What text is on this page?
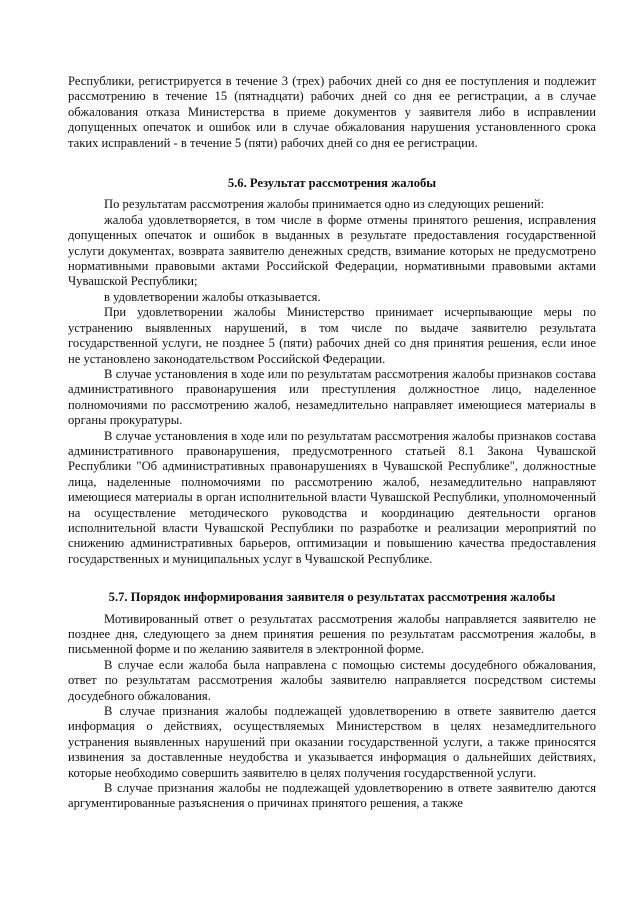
Республики, регистрируется в течение 3 (трех) рабочих дней со дня ее поступления и подлежит рассмотрению в течение 15 (пятнадцати) рабочих дней со дня ее регистрации, а в случае обжалования отказа Министерства в приеме документов у заявителя либо в исправлении допущенных опечаток и ошибок или в случае обжалования нарушения установленного срока таких исправлений - в течение 5 (пяти) рабочих дней со дня ее регистрации.

5.6. Результат рассмотрения жалобы

По результатам рассмотрения жалобы принимается одно из следующих решений:

жалоба удовлетворяется, в том числе в форме отмены принятого решения, исправления допущенных опечаток и ошибок в выданных в результате предоставления государственной услуги документах, возврата заявителю денежных средств, взимание которых не предусмотрено нормативными правовыми актами Российской Федерации, нормативными правовыми актами Чувашской Республики;

в удовлетворении жалобы отказывается.

При удовлетворении жалобы Министерство принимает исчерпывающие меры по устранению выявленных нарушений, в том числе по выдаче заявителю результата государственной услуги, не позднее 5 (пяти) рабочих дней со дня принятия решения, если иное не установлено законодательством Российской Федерации.

В случае установления в ходе или по результатам рассмотрения жалобы признаков состава административного правонарушения или преступления должностное лицо, наделенное полномочиями по рассмотрению жалоб, незамедлительно направляет имеющиеся материалы в органы прокуратуры.

В случае установления в ходе или по результатам рассмотрения жалобы признаков состава административного правонарушения, предусмотренного статьей 8.1 Закона Чувашской Республики "Об административных правонарушениях в Чувашской Республике", должностные лица, наделенные полномочиями по рассмотрению жалоб, незамедлительно направляют имеющиеся материалы в орган исполнительной власти Чувашской Республики, уполномоченный на осуществление методического руководства и координацию деятельности органов исполнительной власти Чувашской Республики по разработке и реализации мероприятий по снижению административных барьеров, оптимизации и повышению качества предоставления государственных и муниципальных услуг в Чувашской Республике.

5.7. Порядок информирования заявителя о результатах рассмотрения жалобы

Мотивированный ответ о результатах рассмотрения жалобы направляется заявителю не позднее дня, следующего за днем принятия решения по результатам рассмотрения жалобы, в письменной форме и по желанию заявителя в электронной форме.

В случае если жалоба была направлена с помощью системы досудебного обжалования, ответ по результатам рассмотрения жалобы заявителю направляется посредством системы досудебного обжалования.

В случае признания жалобы подлежащей удовлетворению в ответе заявителю дается информация о действиях, осуществляемых Министерством в целях незамедлительного устранения выявленных нарушений при оказании государственной услуги, а также приносятся извинения за доставленные неудобства и указывается информация о дальнейших действиях, которые необходимо совершить заявителю в целях получения государственной услуги.

В случае признания жалобы не подлежащей удовлетворению в ответе заявителю даются аргументированные разъяснения о причинах принятого решения, а также
